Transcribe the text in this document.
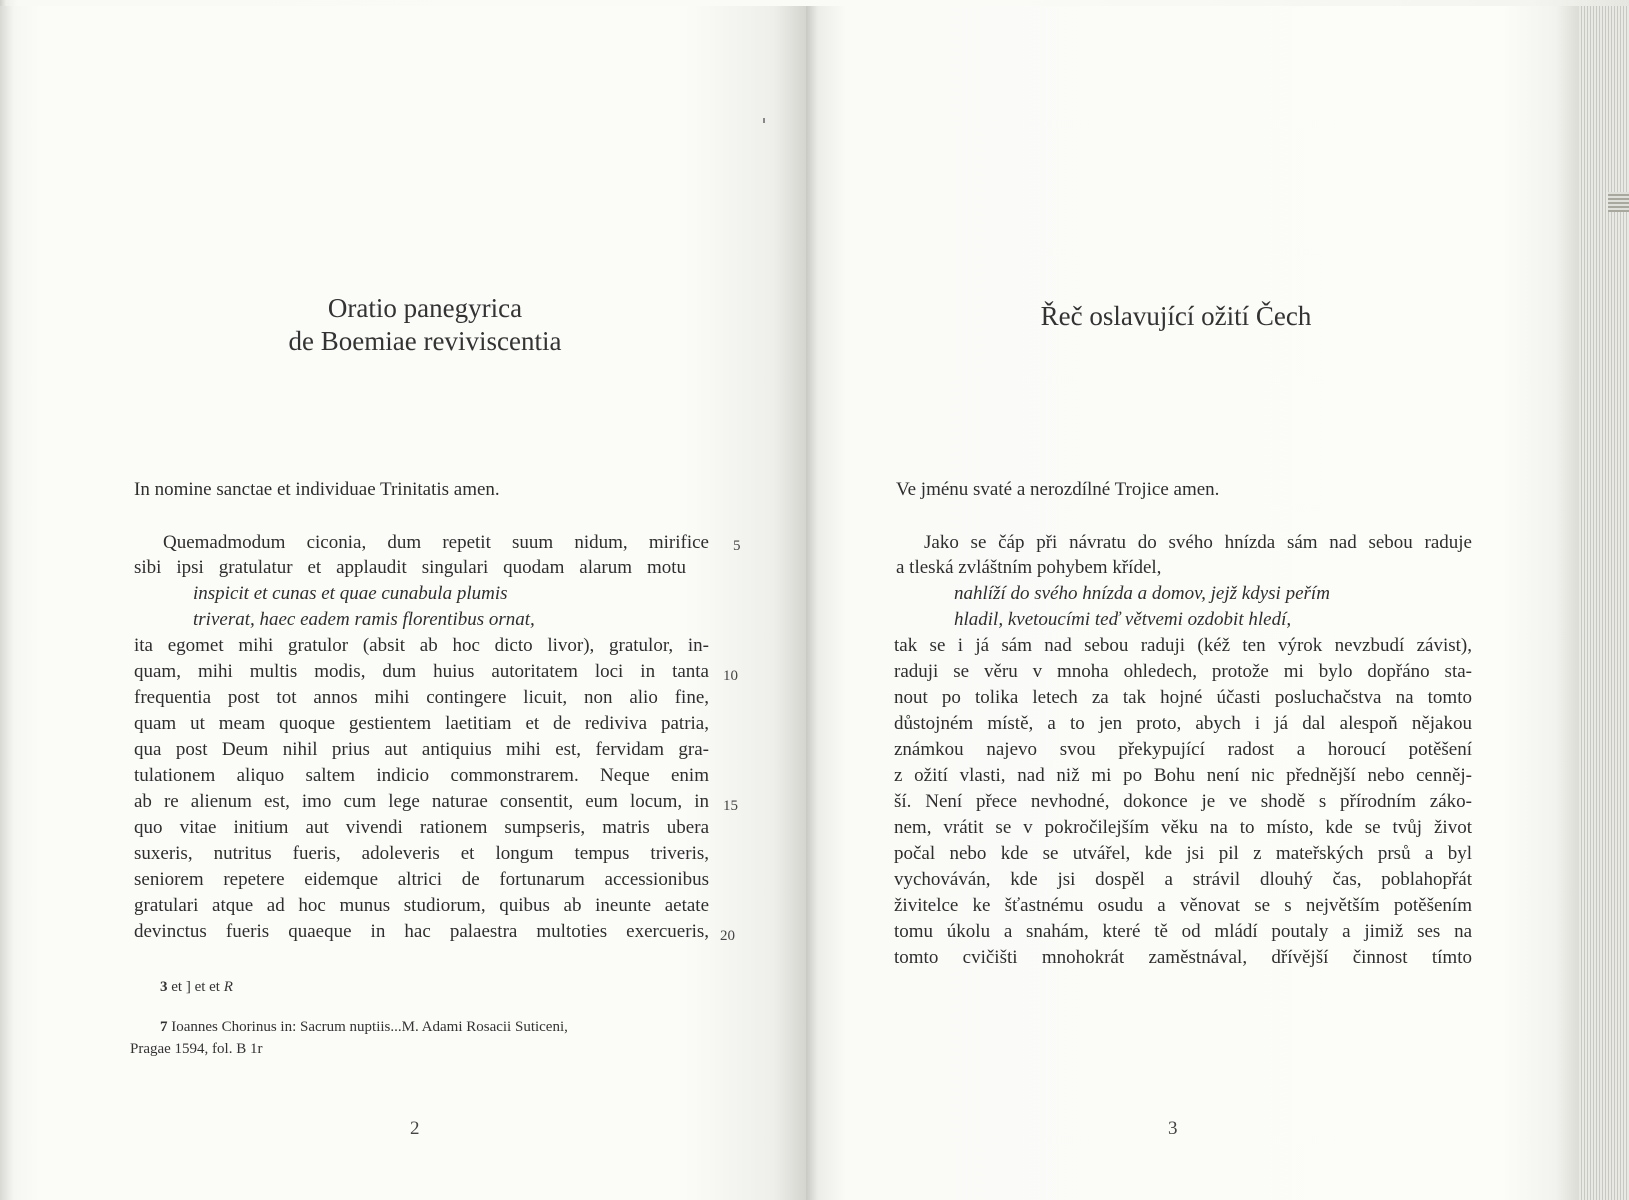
Oratio panegyrica
de Boemiae reviviscentia
In nomine sanctae et individuae Trinitatis amen.
Quemadmodum ciconia, dum repetit suum nidum, mirifice
sibi ipsi gratulatur et applaudit singulari quodam alarum motu
inspicit et cunas et quae cunabula plumis
triverat, haec eadem ramis florentibus ornat,
ita egomet mihi gratulor (absit ab hoc dicto livor), gratulor, in-
quam, mihi multis modis, dum huius autoritatem loci in tanta
frequentia post tot annos mihi contingere licuit, non alio fine,
quam ut meam quoque gestientem laetitiam et de rediviva patria,
qua post Deum nihil prius aut antiquius mihi est, fervidam gra-
tulationem aliquo saltem indicio commonstrarem. Neque enim
ab re alienum est, imo cum lege naturae consentit, eum locum, in
quo vitae initium aut vivendi rationem sumpseris, matris ubera
suxeris, nutritus fueris, adoleveris et longum tempus triveris,
seniorem repetere eidemque altrici de fortunarum accessionibus
gratulari atque ad hoc munus studiorum, quibus ab ineunte aetate
devinctus fueris quaeque in hac palaestra multoties exercueris,
5
10
15
20
3 et ] et et R
7 Ioannes Chorinus in: Sacrum nuptiis...M. Adami Rosacii Suticeni,
Pragae 1594, fol. B 1r
2
Řeč oslavující ožití Čech
Ve jménu svaté a nerozdílné Trojice amen.
Jako se čáp při návratu do svého hnízda sám nad sebou raduje
a tleská zvláštním pohybem křídel,
nahlíží do svého hnízda a domov, jejž kdysi peřím
hladil, kvetoucími teď větvemi ozdobit hledí,
tak se i já sám nad sebou raduji (kéž ten výrok nevzbudí závist),
raduji se věru v mnoha ohledech, protože mi bylo dopřáno sta-
nout po tolika letech za tak hojné účasti posluchačstva na tomto
důstojném místě, a to jen proto, abych i já dal alespoň nějakou
známkou najevo svou překypující radost a horoucí potěšení
z ožití vlasti, nad niž mi po Bohu není nic přednější nebo cenněj-
ší. Není přece nevhodné, dokonce je ve shodě s přírodním záko-
nem, vrátit se v pokročilejším věku na to místo, kde se tvůj život
počal nebo kde se utvářel, kde jsi pil z mateřských prsů a byl
vychováván, kde jsi dospěl a strávil dlouhý čas, poblahopřát
živitelce ke šťastnému osudu a věnovat se s největším potěšením
tomu úkolu a snahám, které tě od mládí poutaly a jimiž ses na
tomto cvičišti mnohokrát zaměstnával, dřívější činnost tímto
3
